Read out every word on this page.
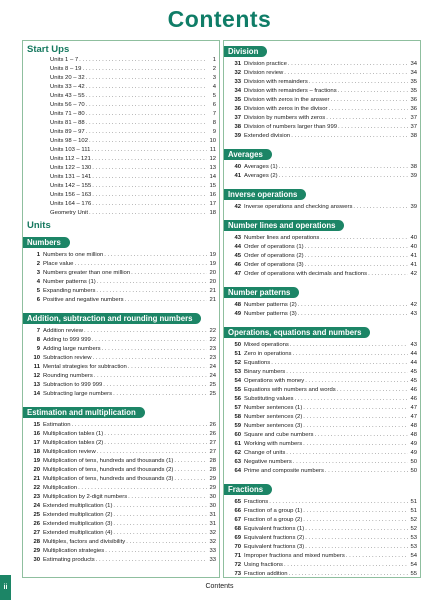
Contents
Start Ups
Units 1 – 7 . . .	1
Units 8 – 19 . . .	2
Units 20 – 32 . . .	3
Units 33 – 42 . . .	4
Units 43 – 55 . . .	5
Units 56 – 70 . . .	6
Units 71 – 80 . . .	7
Units 81 – 88 . . .	8
Units 89 – 97 . . .	9
Units 98 – 102 . . .	10
Units 103 – 111 . . .	11
Units 112 – 121 . . .	12
Units 122 – 130 . . .	13
Units 131 – 141 . . .	14
Units 142 – 155 . . .	15
Units 156 – 163 . . .	16
Units 164 – 176 . . .	17
Geometry Unit . . .	18
Units
Numbers
1 Numbers to one million . . .	19
2 Place value . . .	19
3 Numbers greater than one million . . .	20
4 Number patterns (1) . . .	20
5 Expanding numbers . . .	21
6 Positive and negative numbers . . .	21
Addition, subtraction and rounding numbers
7 Addition review . . .	22
8 Adding to 999 999 . . .	22
9 Adding large numbers . . .	23
10 Subtraction review . . .	23
11 Mental strategies for subtraction . . .	24
12 Rounding numbers . . .	24
13 Subtraction to 999 999 . . .	25
14 Subtracting large numbers . . .	25
Estimation and multiplication
15 Estimation . . .	26
16 Multiplication tables (1) . . .	26
17 Multiplication tables (2) . . .	27
18 Multiplication review . . .	27
19 Multiplication of tens, hundreds and thousands (1) . . .	28
20 Multiplication of tens, hundreds and thousands (2) . . .	28
21 Multiplication of tens, hundreds and thousands (3) . . .	29
22 Multiplication . . .	29
23 Multiplication by 2-digit numbers . . .	30
24 Extended multiplication (1) . . .	30
25 Extended multiplication (2) . . .	31
26 Extended multiplication (3) . . .	31
27 Extended multiplication (4) . . .	32
28 Multiples, factors and divisibility . . .	32
29 Multiplication strategies . . .	33
30 Estimating products . . .	33
Division
31 Division practice . . .	34
32 Division review . . .	34
33 Division with remainders . . .	35
34 Division with remainders – fractions . . .	35
35 Division with zeros in the answer . . .	36
36 Division with zeros in the divisor . . .	36
37 Division by numbers with zeros . . .	37
38 Division of numbers larger than 999 . . .	37
39 Extended division . . .	38
Averages
40 Averages (1) . . .	38
41 Averages (2) . . .	39
Inverse operations
42 Inverse operations and checking answers . . .	39
Number lines and operations
43 Number lines and operations . . .	40
44 Order of operations (1) . . .	40
45 Order of operations (2) . . .	41
46 Order of operations (3) . . .	41
47 Order of operations with decimals and fractions . . .	42
Number patterns
48 Number patterns (2) . . .	42
49 Number patterns (3) . . .	43
Operations, equations and numbers
50 Mixed operations . . .	43
51 Zero in operations . . .	44
52 Equations . . .	44
53 Binary numbers . . .	45
54 Operations with money . . .	45
55 Equations with numbers and words . . .	46
56 Substituting values . . .	46
57 Number sentences (1) . . .	47
58 Number sentences (2) . . .	47
59 Number sentences (3) . . .	48
60 Square and cube numbers . . .	48
61 Working with numbers . . .	49
62 Change of units . . .	49
63 Negative numbers . . .	50
64 Prime and composite numbers . . .	50
Fractions
65 Fractions . . .	51
66 Fraction of a group (1) . . .	51
67 Fraction of a group (2) . . .	52
68 Equivalent fractions (1) . . .	52
69 Equivalent fractions (2) . . .	53
70 Equivalent fractions (3) . . .	53
71 Improper fractions and mixed numbers . . .	54
72 Using fractions . . .	54
73 Fraction addition . . .	55
Contents
ii
